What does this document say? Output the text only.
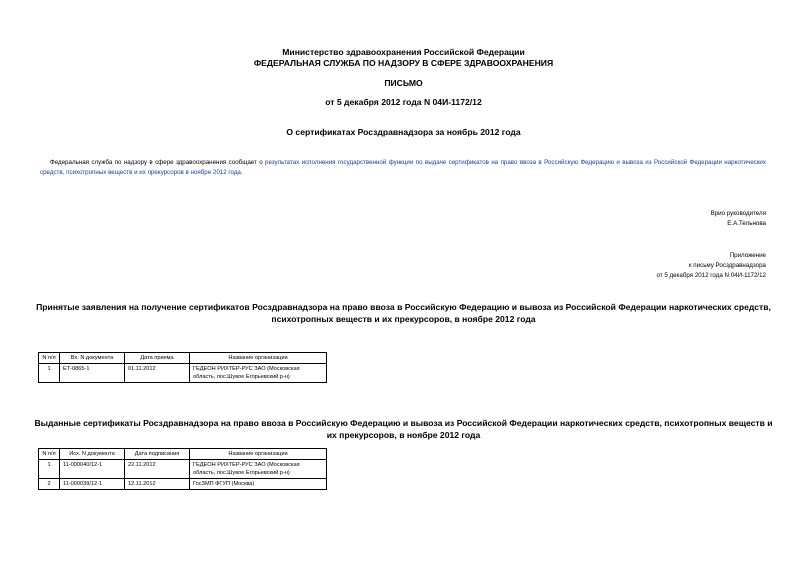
Министерство здравоохранения Российской Федерации
ФЕДЕРАЛЬНАЯ СЛУЖБА ПО НАДЗОРУ В СФЕРЕ ЗДРАВООХРАНЕНИЯ
ПИСЬМО
от 5 декабря 2012 года N 04И-1172/12
О сертификатах Росздравнадзора за ноябрь 2012 года
Федеральная служба по надзору в сфере здравоохранения сообщает о результатах исполнения государственной функции по выдаче сертификатов на право ввоза в Российскую Федерацию и вывоза из Российской Федерации наркотических средств, психотропных веществ и их прекурсоров в ноябре 2012 года.
Врио руководителя
Е.А.Тельнова
Приложение
к письму Росздравнадзора
от 5 декабря 2012 года N 04И-1172/12
Принятые заявления на получение сертификатов Росздравнадзора на право ввоза в Российскую Федерацию и вывоза из Российской Федерации наркотических средств, психотропных веществ и их прекурсоров, в ноябре 2012 года
N п/п	Вх. N документа	Дата приема	Название организации
1	ЕТ-0865-1	01.11.2012	ГЕДЕОН РИХТЕР-РУС ЗАО (Московская область, пос.Шувое Егорьевский р-н)
Выданные сертификаты Росздравнадзора на право ввоза в Российскую Федерацию и вывоза из Российской Федерации наркотических средств, психотропных веществ и их прекурсоров, в ноябре 2012 года
N п/п	Исх. N документа	Дата подписания	Название организации
1	11-000040/12-1	22.11.2012	ГЕДЕОН РИХТЕР-РУС ЗАО (Московская область, пос.Шувое Егорьевский р-н)
2	11-000039/12-1	12.11.2012	ГосЗМП ФГУП (Москва)
